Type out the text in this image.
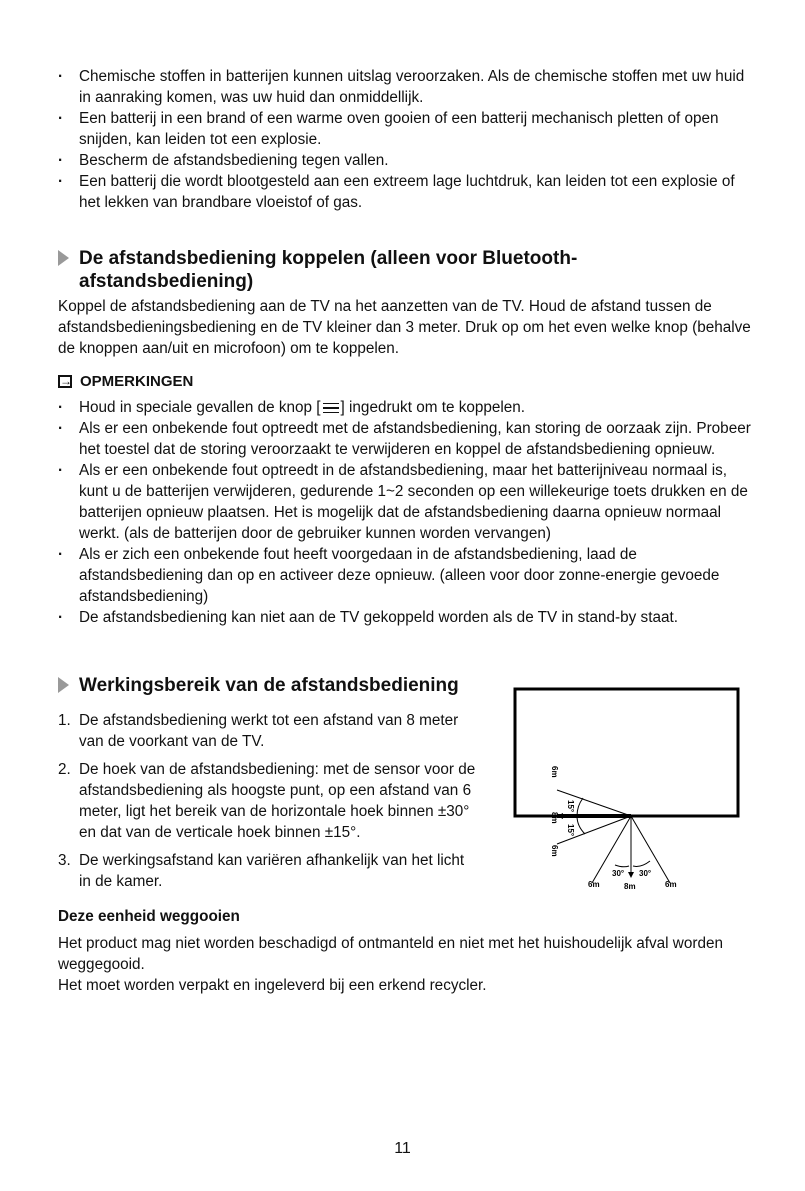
· Chemische stoffen in batterijen kunnen uitslag veroorzaken. Als de chemische stoffen met uw huid in aanraking komen, was uw huid dan onmiddellijk.
· Een batterij in een brand of een warme oven gooien of een batterij mechanisch pletten of open snijden, kan leiden tot een explosie.
· Bescherm de afstandsbediening tegen vallen.
· Een batterij die wordt blootgesteld aan een extreem lage luchtdruk, kan leiden tot een explosie of het lekken van brandbare vloeistof of gas.
De afstandsbediening koppelen (alleen voor Bluetooth-afstandsbediening)

Koppel de afstandsbediening aan de TV na het aanzetten van de TV. Houd de afstand tussen de afstandsbedieningsbediening en de TV kleiner dan 3 meter. Druk op om het even welke knop (behalve de knoppen aan/uit en microfoon) om te koppelen.

→
OPMERKINGEN
· Houd in speciale gevallen de knop [ ] ingedrukt om te koppelen.
· Als er een onbekende fout optreedt met de afstandsbediening, kan storing de oorzaak zijn. Probeer het toestel dat de storing veroorzaakt te verwijderen en koppel de afstandsbediening opnieuw.
· Als er een onbekende fout optreedt in de afstandsbediening, maar het batterijniveau normaal is, kunt u de batterijen verwijderen, gedurende 1~2 seconden op een willekeurige toets drukken en de batterijen opnieuw plaatsen. Het is mogelijk dat de afstandsbediening daarna opnieuw normaal werkt. (als de batterijen door de gebruiker kunnen worden vervangen)
· Als er zich een onbekende fout heeft voorgedaan in de afstandsbediening, laad de afstandsbediening dan op en activeer deze opnieuw. (alleen voor door zonne-energie gevoede afstandsbediening)
· De afstandsbediening kan niet aan de TV gekoppeld worden als de TV in stand-by staat.
Werkingsbereik van de afstandsbediening
1. De afstandsbediening werkt tot een afstand van 8 meter van de voorkant van de TV.
2. De hoek van de afstandsbediening: met de sensor voor de afstandsbediening als hoogste punt, op een afstand van 6 meter, ligt het bereik van de horizontale hoek binnen ±30° en dat van de verticale hoek binnen ±15°.
3. De werkingsafstand kan variëren afhankelijk van het licht in de kamer.
6m
8m
6m
15°
15°
30° 30°
6m	8m	6m

Deze eenheid weggooien

Het product mag niet worden beschadigd of ontmanteld en niet met het huishoudelijk afval worden weggegooid.

Het moet worden verpakt en ingeleverd bij een erkend recycler.

11
